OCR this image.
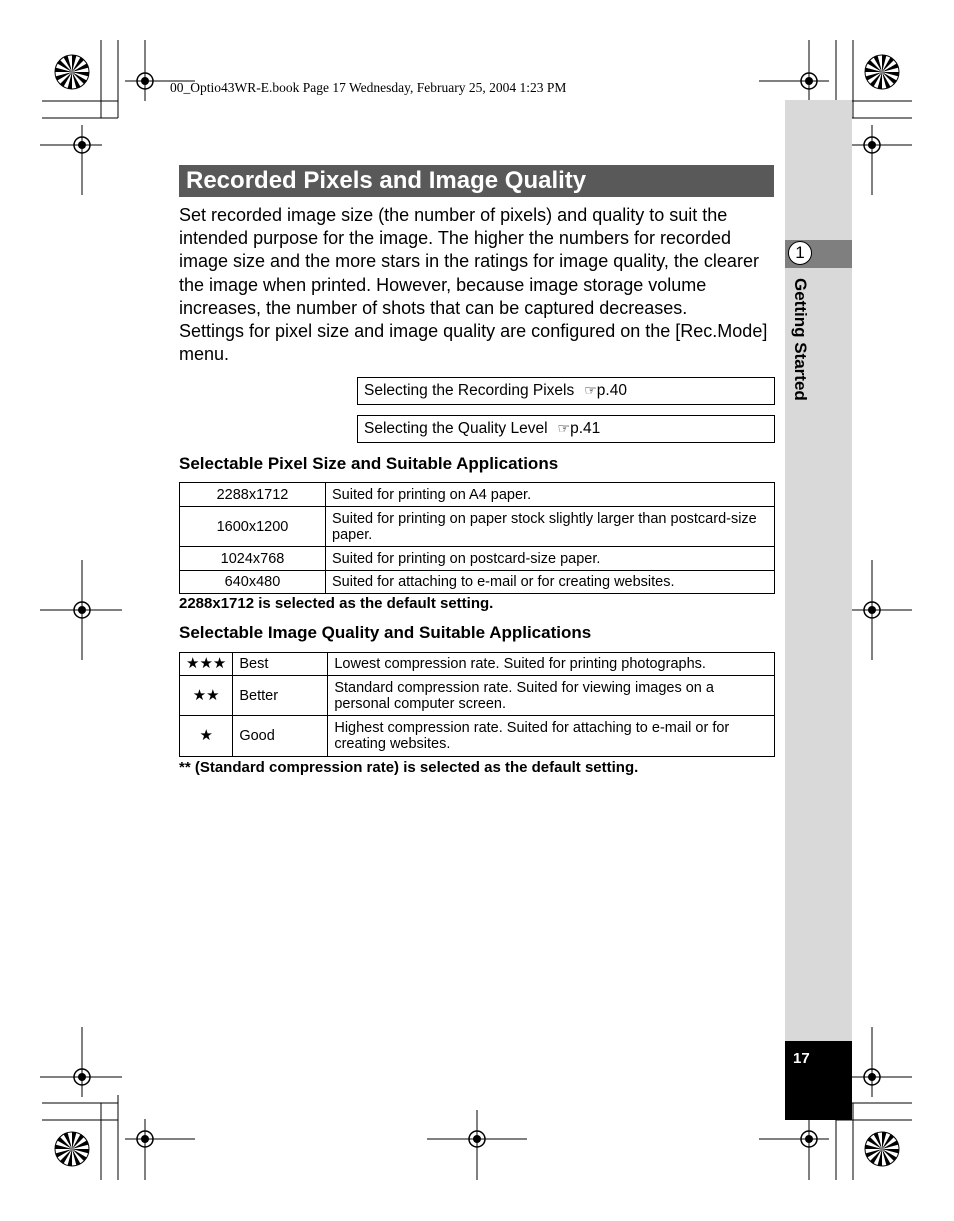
00_Optio43WR-E.book Page 17 Wednesday, February 25, 2004 1:23 PM
1
Getting Started
17
Recorded Pixels and Image Quality

Set recorded image size (the number of pixels) and quality to suit the intended purpose for the image. The higher the numbers for recorded image size and the more stars in the ratings for image quality, the clearer the image when printed. However, because image storage volume increases, the number of shots that can be captured decreases.

Settings for pixel size and image quality are configured on the [Rec.Mode] menu.

Selecting the Recording Pixels ☞p.40
Selecting the Quality Level ☞p.41
Selectable Pixel Size and Suitable Applications
2288x1712	Suited for printing on A4 paper.
1600x1200	Suited for printing on paper stock slightly larger than postcard-size paper.
1024x768	Suited for printing on postcard-size paper.
640x480	Suited for attaching to e-mail or for creating websites.
2288x1712 is selected as the default setting.
Selectable Image Quality and Suitable Applications
★★★	Best	Lowest compression rate. Suited for printing photographs.
★★	Better	Standard compression rate. Suited for viewing images on a personal computer screen.
★	Good	Highest compression rate. Suited for attaching to e-mail or for creating websites.
** (Standard compression rate) is selected as the default setting.
